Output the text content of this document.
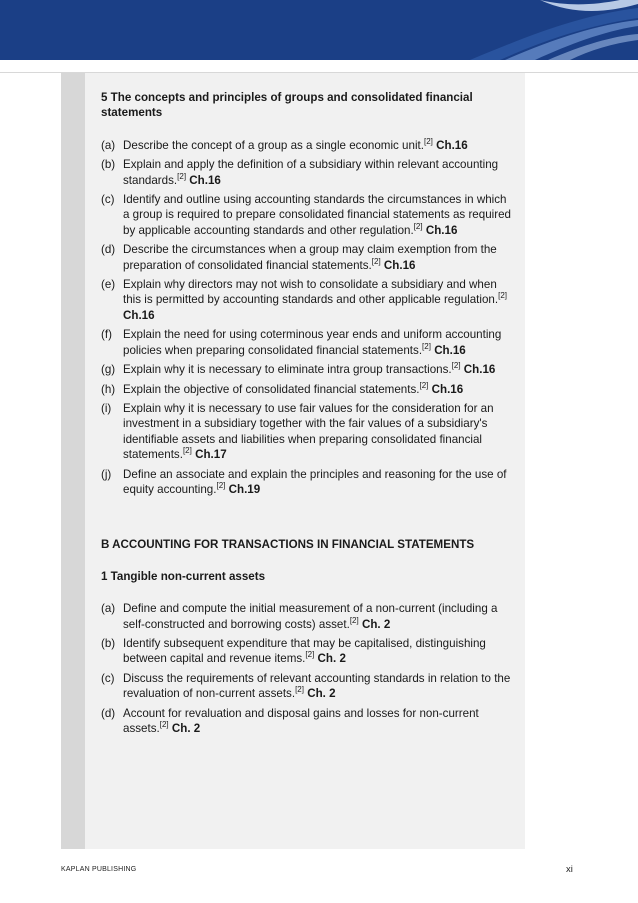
5 The concepts and principles of groups and consolidated financial statements

(a) Describe the concept of a group as a single economic unit.[2] Ch.16
(b) Explain and apply the definition of a subsidiary within relevant accounting standards.[2] Ch.16
(c) Identify and outline using accounting standards the circumstances in which a group is required to prepare consolidated financial statements as required by applicable accounting standards and other regulation.[2] Ch.16
(d) Describe the circumstances when a group may claim exemption from the preparation of consolidated financial statements.[2] Ch.16
(e) Explain why directors may not wish to consolidate a subsidiary and when this is permitted by accounting standards and other applicable regulation.[2] Ch.16
(f) Explain the need for using coterminous year ends and uniform accounting policies when preparing consolidated financial statements.[2] Ch.16
(g) Explain why it is necessary to eliminate intra group transactions.[2] Ch.16
(h) Explain the objective of consolidated financial statements.[2] Ch.16
(i) Explain why it is necessary to use fair values for the consideration for an investment in a subsidiary together with the fair values of a subsidiary's identifiable assets and liabilities when preparing consolidated financial statements.[2] Ch.17
(j) Define an associate and explain the principles and reasoning for the use of equity accounting.[2] Ch.19

B ACCOUNTING FOR TRANSACTIONS IN FINANCIAL STATEMENTS

1 Tangible non-current assets

(a) Define and compute the initial measurement of a non-current (including a self-constructed and borrowing costs) asset.[2] Ch. 2
(b) Identify subsequent expenditure that may be capitalised, distinguishing between capital and revenue items.[2] Ch. 2
(c) Discuss the requirements of relevant accounting standards in relation to the revaluation of non-current assets.[2] Ch. 2
(d) Account for revaluation and disposal gains and losses for non-current assets.[2] Ch. 2
KAPLAN PUBLISHING	xi
